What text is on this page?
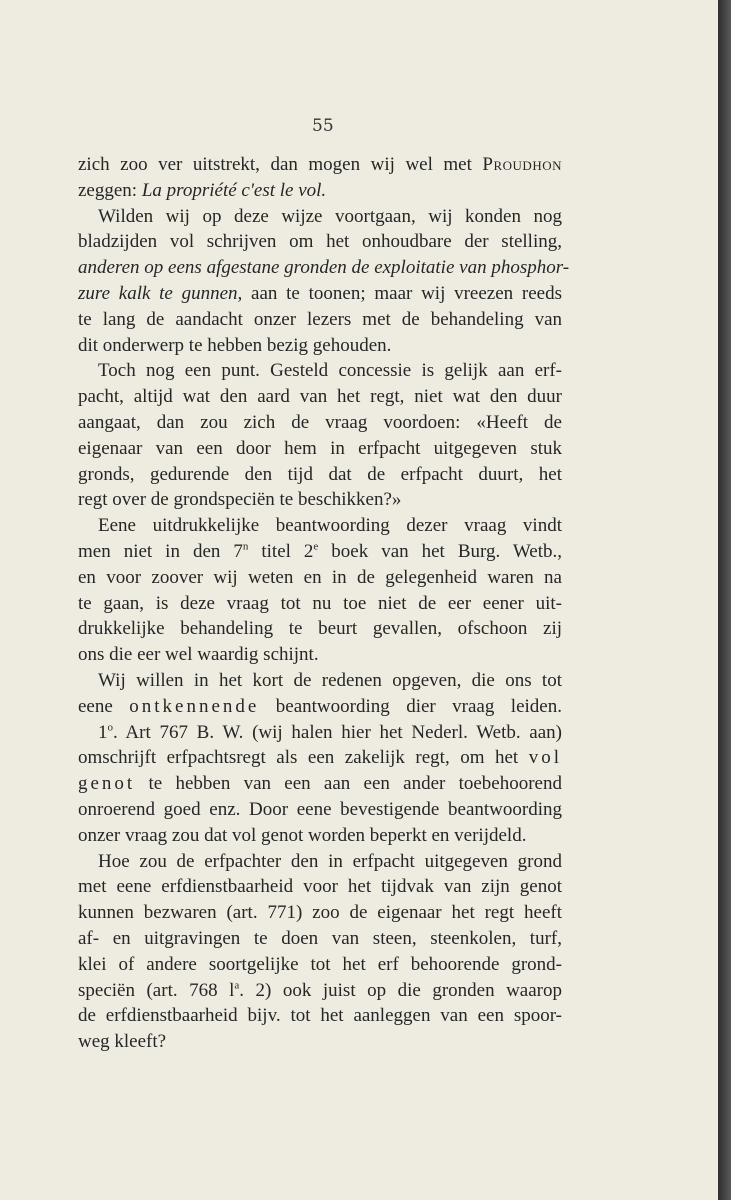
55
zich zoo ver uitstrekt, dan mogen wij wel met Proudhon
zeggen: La propriété c'est le vol.
Wilden wij op deze wijze voortgaan, wij konden nog
bladzijden vol schrijven om het onhoudbare der stelling,
anderen op eens afgestane gronden de exploitatie van phosphor-
zure kalk te gunnen, aan te toonen; maar wij vreezen reeds
te lang de aandacht onzer lezers met de behandeling van
dit onderwerp te hebben bezig gehouden.
Toch nog een punt. Gesteld concessie is gelijk aan erf-
pacht, altijd wat den aard van het regt, niet wat den duur
aangaat, dan zou zich de vraag voordoen: «Heeft de
eigenaar van een door hem in erfpacht uitgegeven stuk
gronds, gedurende den tijd dat de erfpacht duurt, het
regt over de grondspeciën te beschikken?»
Eene uitdrukkelijke beantwoording dezer vraag vindt
men niet in den 7$^n$ titel 2e boek van het Burg. Wetb.,
en voor zoover wij weten en in de gelegenheid waren na
te gaan, is deze vraag tot nu toe niet de eer eener uit-
drukkelijke behandeling te beurt gevallen, ofschoon zij
ons die eer wel waardig schijnt.
Wij willen in het kort de redenen opgeven, die ons tot
eene ontkennende beantwoording dier vraag leiden.
1$^o$. Art 767 B. W. (wij halen hier het Nederl. Wetb. aan)
omschrijft erfpachtsregt als een zakelijk regt, om het vol
genot te hebben van een aan een ander toebehoorend
onroerend goed enz. Door eene bevestigende beantwoording
onzer vraag zou dat vol genot worden beperkt en verijdeld.
Hoe zou de erfpachter den in erfpacht uitgegeven grond
met eene erfdienstbaarheid voor het tijdvak van zijn genot
kunnen bezwaren (art. 771) zoo de eigenaar het regt heeft
af- en uitgravingen te doen van steen, steenkolen, turf,
klei of andere soortgelijke tot het erf behoorende grond-
speciën (art. 768 $l^a$. 2) ook juist op die gronden waarop
de erfdienstbaarheid bijv. tot het aanleggen van een spoor-
weg kleeft?
